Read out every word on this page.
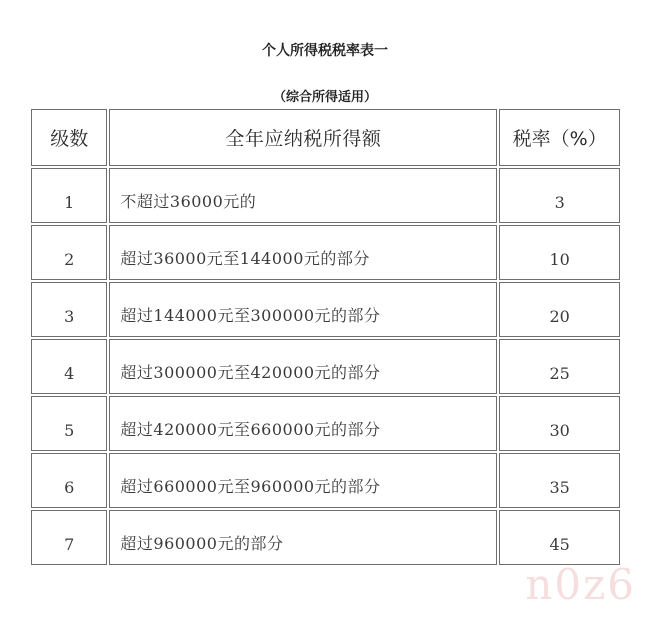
个人所得税税率表一
（综合所得适用）
级数	全年应纳税所得额	税率（%）
1	不超过36000元的	3
2	超过36000元至144000元的部分	10
3	超过144000元至300000元的部分	20
4	超过300000元至420000元的部分	25
5	超过420000元至660000元的部分	30
6	超过660000元至960000元的部分	35
7	超过960000元的部分	45
n0z6
